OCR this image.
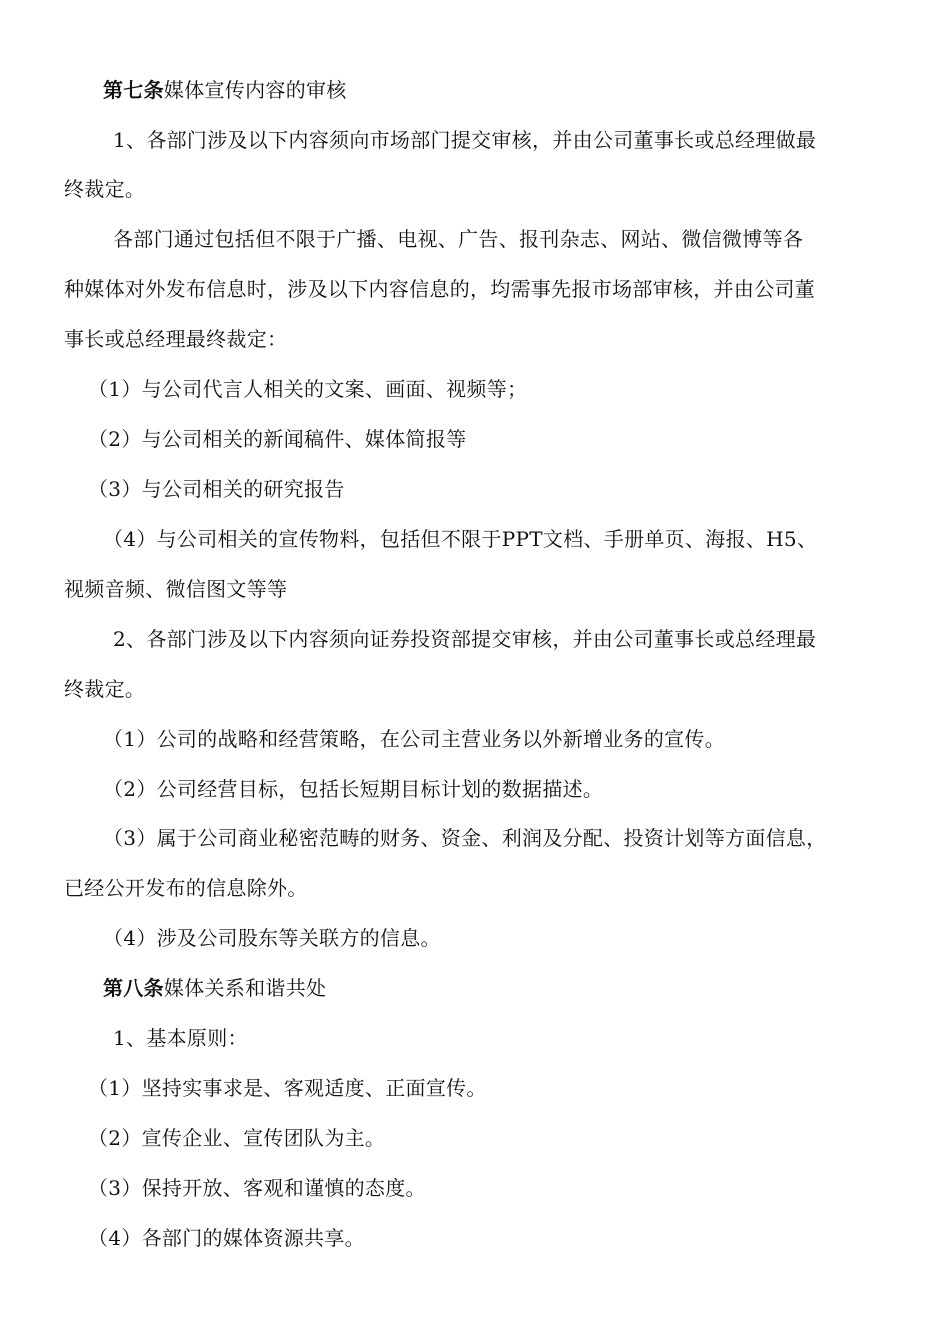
第七条媒体宣传内容的审核
1、各部门涉及以下内容须向市场部门提交审核，并由公司董事长或总经理做最
终裁定。
各部门通过包括但不限于广播、电视、广告、报刊杂志、网站、微信微博等各
种媒体对外发布信息时，涉及以下内容信息的，均需事先报市场部审核，并由公司董
事长或总经理最终裁定：
（1）与公司代言人相关的文案、画面、视频等；
（2）与公司相关的新闻稿件、媒体简报等
（3）与公司相关的研究报告
（4）与公司相关的宣传物料，包括但不限于PPT文档、手册单页、海报、H5、
视频音频、微信图文等等
2、各部门涉及以下内容须向证券投资部提交审核，并由公司董事长或总经理最
终裁定。
（1）公司的战略和经营策略，在公司主营业务以外新增业务的宣传。
（2）公司经营目标，包括长短期目标计划的数据描述。
（3）属于公司商业秘密范畴的财务、资金、利润及分配、投资计划等方面信息，
已经公开发布的信息除外。
（4）涉及公司股东等关联方的信息。
第八条媒体关系和谐共处
1、基本原则：
（1）坚持实事求是、客观适度、正面宣传。
（2）宣传企业、宣传团队为主。
（3）保持开放、客观和谨慎的态度。
（4）各部门的媒体资源共享。
